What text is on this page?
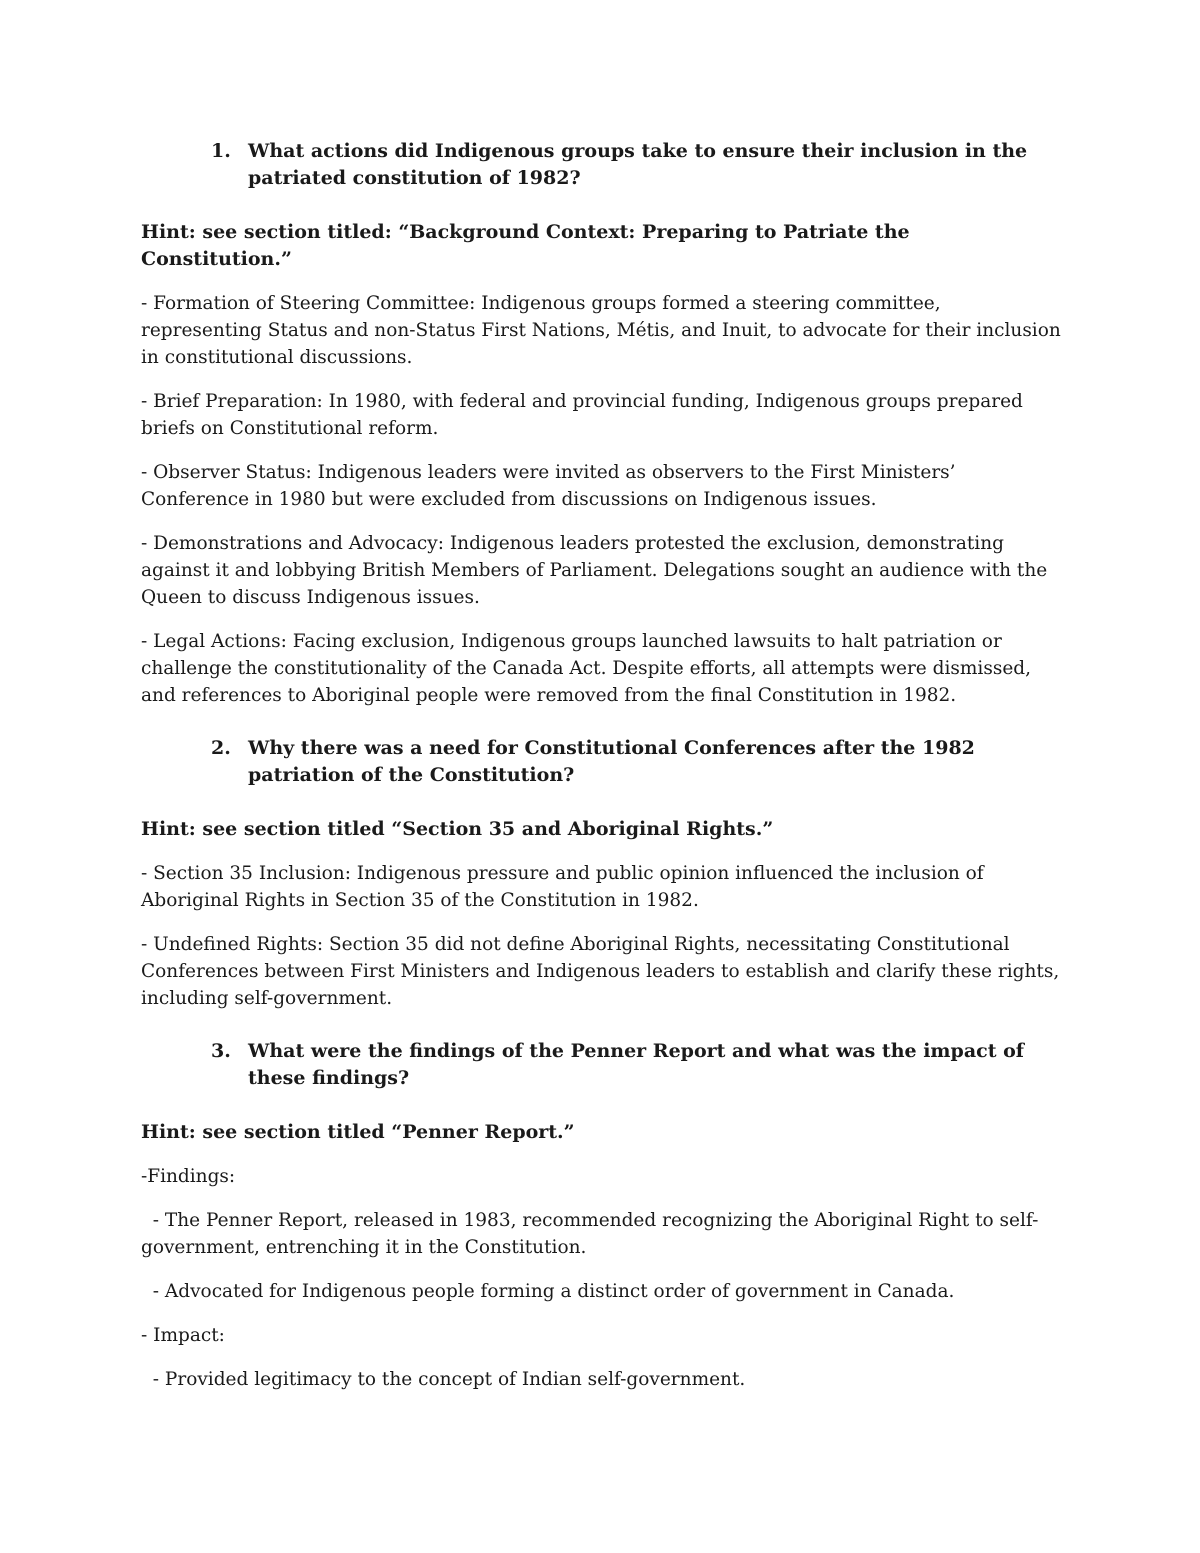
1. What actions did Indigenous groups take to ensure their inclusion in the patriated constitution of 1982?
Hint: see section titled: “Background Context: Preparing to Patriate the Constitution.”
- Formation of Steering Committee: Indigenous groups formed a steering committee, representing Status and non-Status First Nations, Métis, and Inuit, to advocate for their inclusion in constitutional discussions.
- Brief Preparation: In 1980, with federal and provincial funding, Indigenous groups prepared briefs on Constitutional reform.
- Observer Status: Indigenous leaders were invited as observers to the First Ministers’ Conference in 1980 but were excluded from discussions on Indigenous issues.
- Demonstrations and Advocacy: Indigenous leaders protested the exclusion, demonstrating against it and lobbying British Members of Parliament. Delegations sought an audience with the Queen to discuss Indigenous issues.
- Legal Actions: Facing exclusion, Indigenous groups launched lawsuits to halt patriation or challenge the constitutionality of the Canada Act. Despite efforts, all attempts were dismissed, and references to Aboriginal people were removed from the final Constitution in 1982.
2. Why there was a need for Constitutional Conferences after the 1982 patriation of the Constitution?
Hint: see section titled “Section 35 and Aboriginal Rights.”
- Section 35 Inclusion: Indigenous pressure and public opinion influenced the inclusion of Aboriginal Rights in Section 35 of the Constitution in 1982.
- Undefined Rights: Section 35 did not define Aboriginal Rights, necessitating Constitutional Conferences between First Ministers and Indigenous leaders to establish and clarify these rights, including self-government.
3. What were the findings of the Penner Report and what was the impact of these findings?
Hint: see section titled “Penner Report.”
-Findings:
- The Penner Report, released in 1983, recommended recognizing the Aboriginal Right to self-government, entrenching it in the Constitution.
- Advocated for Indigenous people forming a distinct order of government in Canada.
- Impact:
- Provided legitimacy to the concept of Indian self-government.
